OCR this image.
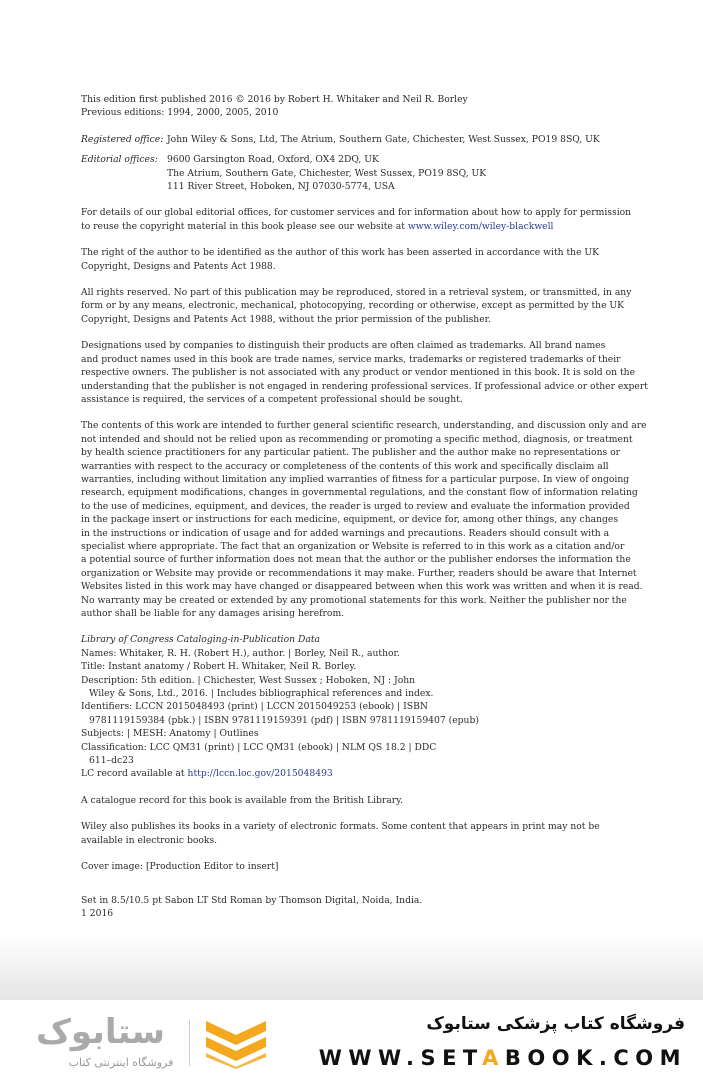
This edition first published 2016 © 2016 by Robert H. Whitaker and Neil R. Borley
Previous editions: 1994, 2000, 2005, 2010

Registered office: John Wiley & Sons, Ltd, The Atrium, Southern Gate, Chichester, West Sussex, PO19 8SQ, UK
Editorial offices:	9600 Garsington Road, Oxford, OX4 2DQ, UK
The Atrium, Southern Gate, Chichester, West Sussex, PO19 8SQ, UK
111 River Street, Hoboken, NJ 07030-5774, USA

For details of our global editorial offices, for customer services and for information about how to apply for permission
to reuse the copyright material in this book please see our website at www.wiley.com/wiley-blackwell

The right of the author to be identified as the author of this work has been asserted in accordance with the UK
Copyright, Designs and Patents Act 1988.

All rights reserved. No part of this publication may be reproduced, stored in a retrieval system, or transmitted, in any
form or by any means, electronic, mechanical, photocopying, recording or otherwise, except as permitted by the UK
Copyright, Designs and Patents Act 1988, without the prior permission of the publisher.

Designations used by companies to distinguish their products are often claimed as trademarks. All brand names
and product names used in this book are trade names, service marks, trademarks or registered trademarks of their
respective owners. The publisher is not associated with any product or vendor mentioned in this book. It is sold on the
understanding that the publisher is not engaged in rendering professional services. If professional advice or other expert
assistance is required, the services of a competent professional should be sought.

The contents of this work are intended to further general scientific research, understanding, and discussion only and are
not intended and should not be relied upon as recommending or promoting a specific method, diagnosis, or treatment
by health science practitioners for any particular patient. The publisher and the author make no representations or
warranties with respect to the accuracy or completeness of the contents of this work and specifically disclaim all
warranties, including without limitation any implied warranties of fitness for a particular purpose. In view of ongoing
research, equipment modifications, changes in governmental regulations, and the constant flow of information relating
to the use of medicines, equipment, and devices, the reader is urged to review and evaluate the information provided
in the package insert or instructions for each medicine, equipment, or device for, among other things, any changes
in the instructions or indication of usage and for added warnings and precautions. Readers should consult with a
specialist where appropriate. The fact that an organization or Website is referred to in this work as a citation and/or
a potential source of further information does not mean that the author or the publisher endorses the information the
organization or Website may provide or recommendations it may make. Further, readers should be aware that Internet
Websites listed in this work may have changed or disappeared between when this work was written and when it is read.
No warranty may be created or extended by any promotional statements for this work. Neither the publisher nor the
author shall be liable for any damages arising herefrom.

Library of Congress Cataloging-in-Publication Data
Names: Whitaker, R. H. (Robert H.), author. | Borley, Neil R., author.
Title: Instant anatomy / Robert H. Whitaker, Neil R. Borley.
Description: 5th edition. | Chichester, West Sussex ; Hoboken, NJ : John
Wiley & Sons, Ltd., 2016. | Includes bibliographical references and index.
Identifiers: LCCN 2015048493 (print) | LCCN 2015049253 (ebook) | ISBN
9781119159384 (pbk.) | ISBN 9781119159391 (pdf) | ISBN 9781119159407 (epub)
Subjects: | MESH: Anatomy | Outlines
Classification: LCC QM31 (print) | LCC QM31 (ebook) | NLM QS 18.2 | DDC
611–dc23
LC record available at http://lccn.loc.gov/2015048493

A catalogue record for this book is available from the British Library.

Wiley also publishes its books in a variety of electronic formats. Some content that appears in print may not be
available in electronic books.

Cover image: [Production Editor to insert]

Set in 8.5/10.5 pt Sabon LT Std Roman by Thomson Digital, Noida, India.
1 2016

ستابوک
فروشگاه اینترنتی کتاب
فروشگاه کتاب پزشکی ستابوک
WWW.SETABOOK.COM
